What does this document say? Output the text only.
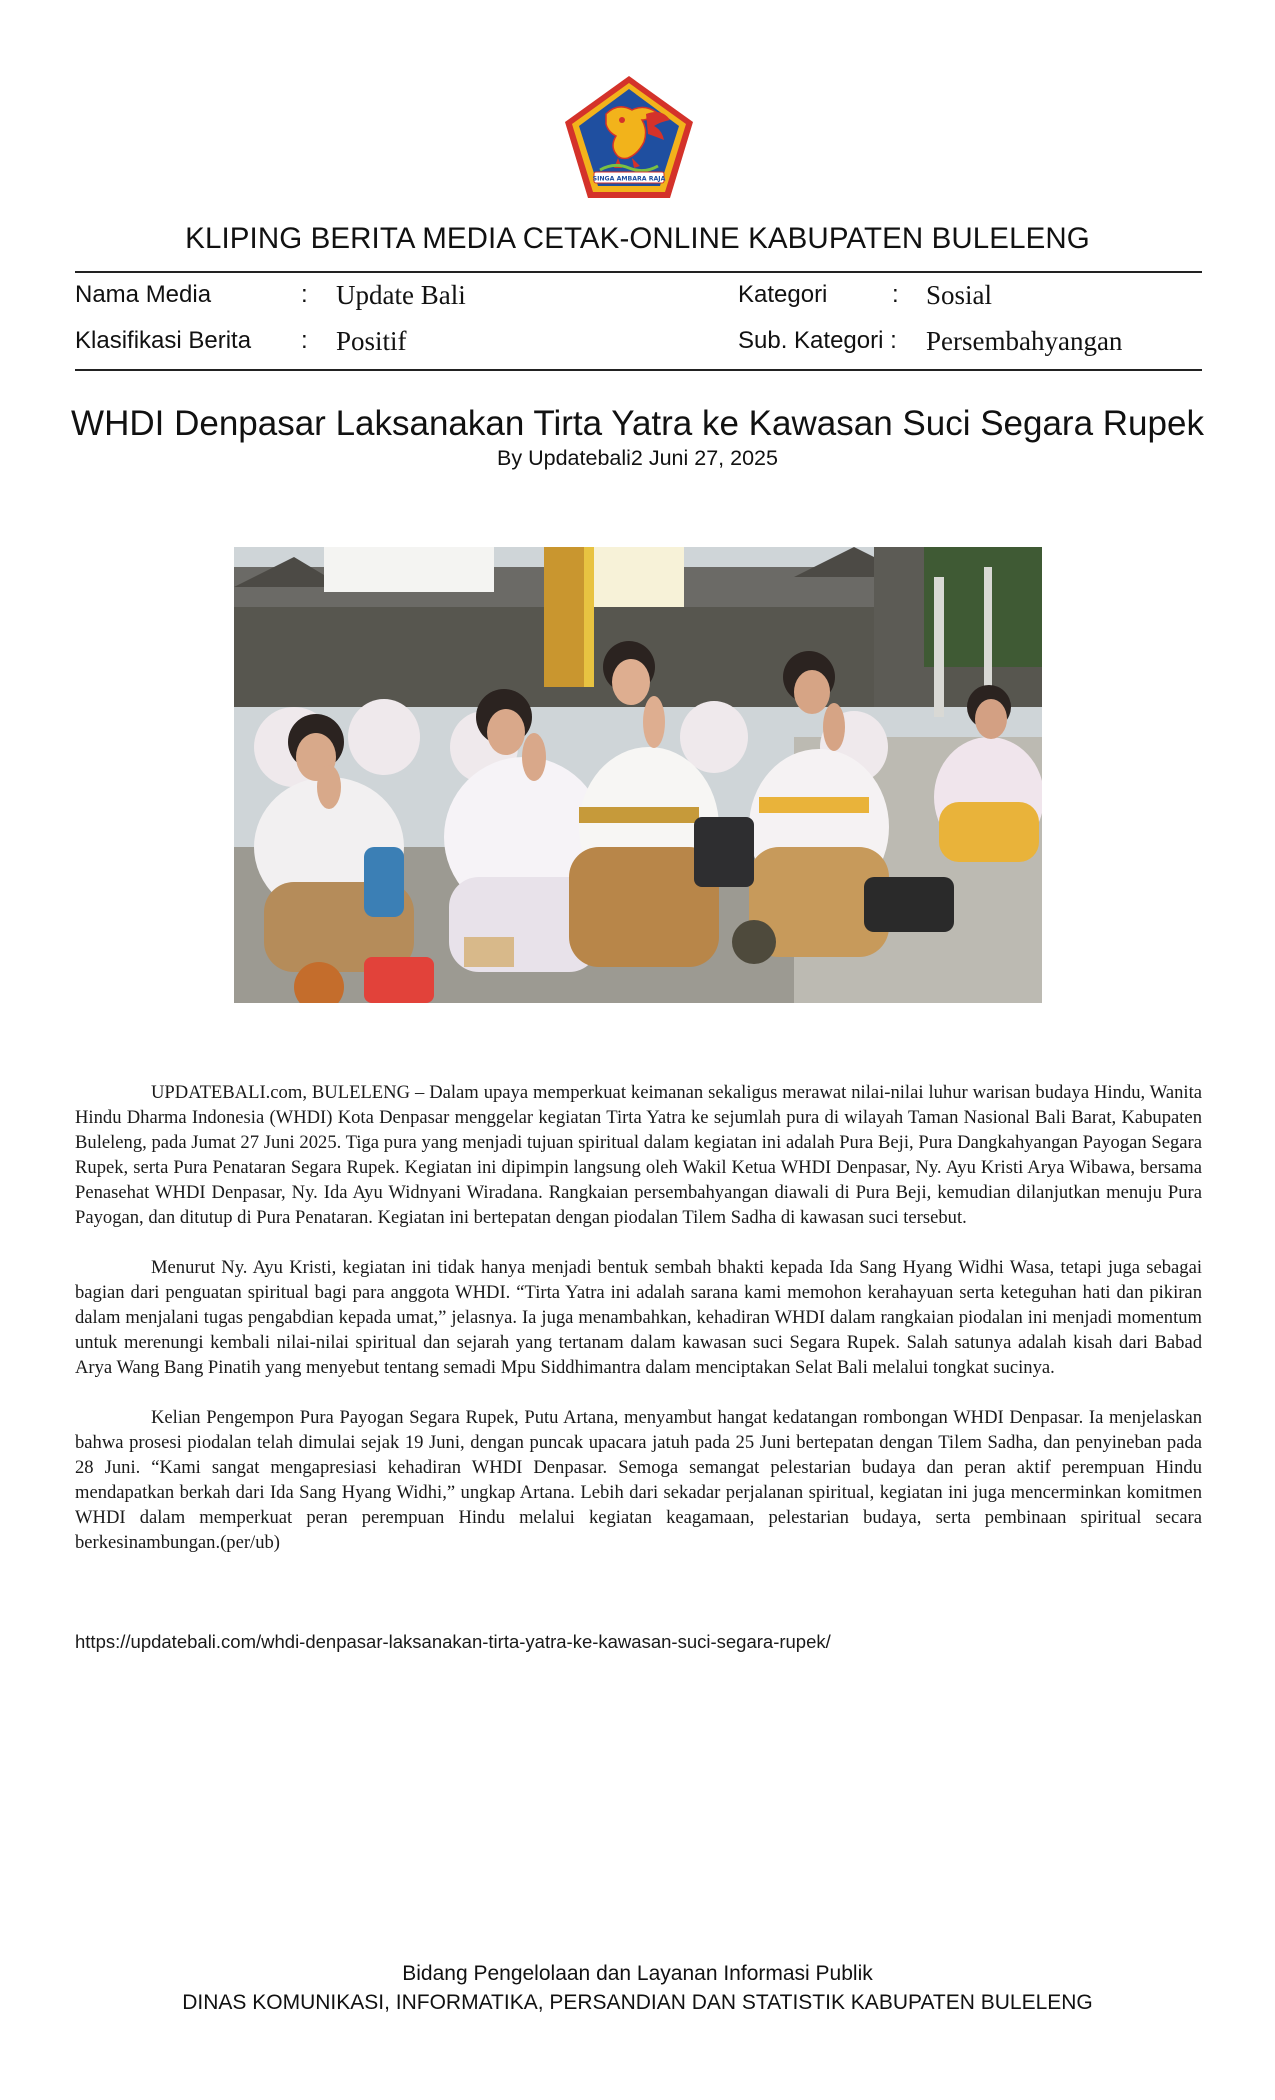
SINGA AMBARA RAJA
KLIPING BERITA MEDIA CETAK-ONLINE KABUPATEN BULELENG
Nama Media	: Update Bali
Klasifikasi Berita : Positif
Kategori	: Sosial
Sub. Kategori : Persembahyangan
WHDI Denpasar Laksanakan Tirta Yatra ke Kawasan Suci Segara Rupek
By Updatebali2 Juni 27, 2025

UPDATEBALI.com, BULELENG – Dalam upaya memperkuat keimanan sekaligus merawat nilai-nilai luhur warisan budaya Hindu, Wanita Hindu Dharma Indonesia (WHDI) Kota Denpasar menggelar kegiatan Tirta Yatra ke sejumlah pura di wilayah Taman Nasional Bali Barat, Kabupaten Buleleng, pada Jumat 27 Juni 2025. Tiga pura yang menjadi tujuan spiritual dalam kegiatan ini adalah Pura Beji, Pura Dangkahyangan Payogan Segara Rupek, serta Pura Penataran Segara Rupek. Kegiatan ini dipimpin langsung oleh Wakil Ketua WHDI Denpasar, Ny. Ayu Kristi Arya Wibawa, bersama Penasehat WHDI Denpasar, Ny. Ida Ayu Widnyani Wiradana. Rangkaian persembahyangan diawali di Pura Beji, kemudian dilanjutkan menuju Pura Payogan, dan ditutup di Pura Penataran. Kegiatan ini bertepatan dengan piodalan Tilem Sadha di kawasan suci tersebut.

Menurut Ny. Ayu Kristi, kegiatan ini tidak hanya menjadi bentuk sembah bhakti kepada Ida Sang Hyang Widhi Wasa, tetapi juga sebagai bagian dari penguatan spiritual bagi para anggota WHDI. “Tirta Yatra ini adalah sarana kami memohon kerahayuan serta keteguhan hati dan pikiran dalam menjalani tugas pengabdian kepada umat,” jelasnya. Ia juga menambahkan, kehadiran WHDI dalam rangkaian piodalan ini menjadi momentum untuk merenungi kembali nilai-nilai spiritual dan sejarah yang tertanam dalam kawasan suci Segara Rupek. Salah satunya adalah kisah dari Babad Arya Wang Bang Pinatih yang menyebut tentang semadi Mpu Siddhimantra dalam menciptakan Selat Bali melalui tongkat sucinya.

Kelian Pengempon Pura Payogan Segara Rupek, Putu Artana, menyambut hangat kedatangan rombongan WHDI Denpasar. Ia menjelaskan bahwa prosesi piodalan telah dimulai sejak 19 Juni, dengan puncak upacara jatuh pada 25 Juni bertepatan dengan Tilem Sadha, dan penyineban pada 28 Juni. “Kami sangat mengapresiasi kehadiran WHDI Denpasar. Semoga semangat pelestarian budaya dan peran aktif perempuan Hindu mendapatkan berkah dari Ida Sang Hyang Widhi,” ungkap Artana. Lebih dari sekadar perjalanan spiritual, kegiatan ini juga mencerminkan komitmen WHDI dalam memperkuat peran perempuan Hindu melalui kegiatan keagamaan, pelestarian budaya, serta pembinaan spiritual secara berkesinambungan.(per/ub)

https://updatebali.com/whdi-denpasar-laksanakan-tirta-yatra-ke-kawasan-suci-segara-rupek/
Bidang Pengelolaan dan Layanan Informasi Publik
DINAS KOMUNIKASI, INFORMATIKA, PERSANDIAN DAN STATISTIK KABUPATEN BULELENG
